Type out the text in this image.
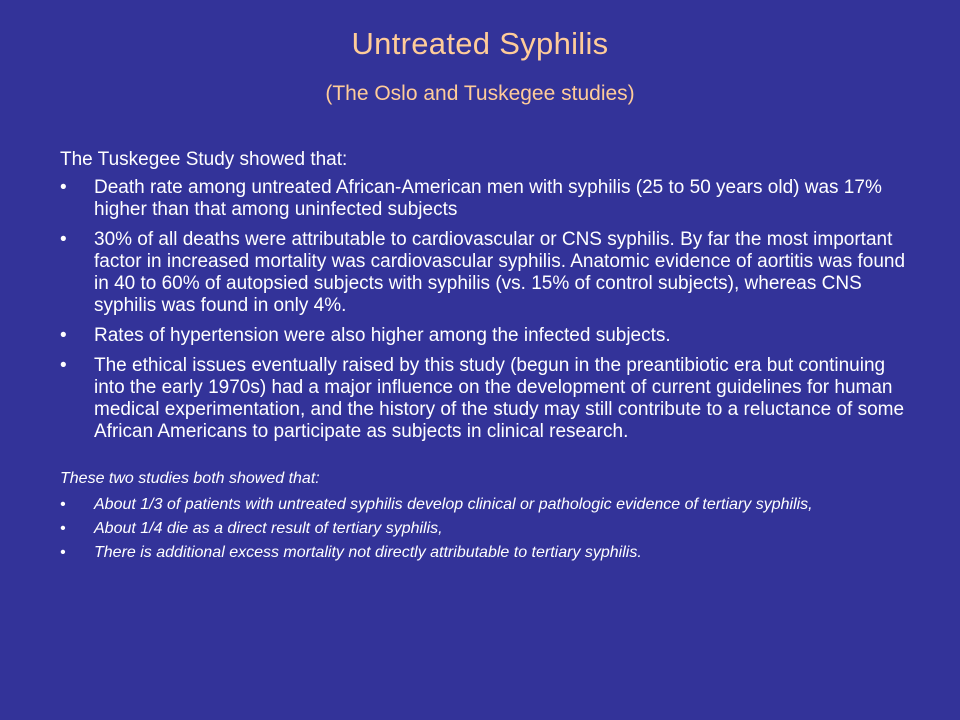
Untreated Syphilis
(The Oslo and Tuskegee studies)

The Tuskegee Study showed that:

• Death rate among untreated African-American men with syphilis (25 to 50 years old) was 17% higher than that among uninfected subjects
• 30% of all deaths were attributable to cardiovascular or CNS syphilis. By far the most important factor in increased mortality was cardiovascular syphilis. Anatomic evidence of aortitis was found in 40 to 60% of autopsied subjects with syphilis (vs. 15% of control subjects), whereas CNS syphilis was found in only 4%.
• Rates of hypertension were also higher among the infected subjects.
• The ethical issues eventually raised by this study (begun in the preantibiotic era but continuing into the early 1970s) had a major influence on the development of current guidelines for human medical experimentation, and the history of the study may still contribute to a reluctance of some African Americans to participate as subjects in clinical research.

These two studies both showed that:

• About 1/3 of patients with untreated syphilis develop clinical or pathologic evidence of tertiary syphilis,
• About 1/4 die as a direct result of tertiary syphilis,
• There is additional excess mortality not directly attributable to tertiary syphilis.
